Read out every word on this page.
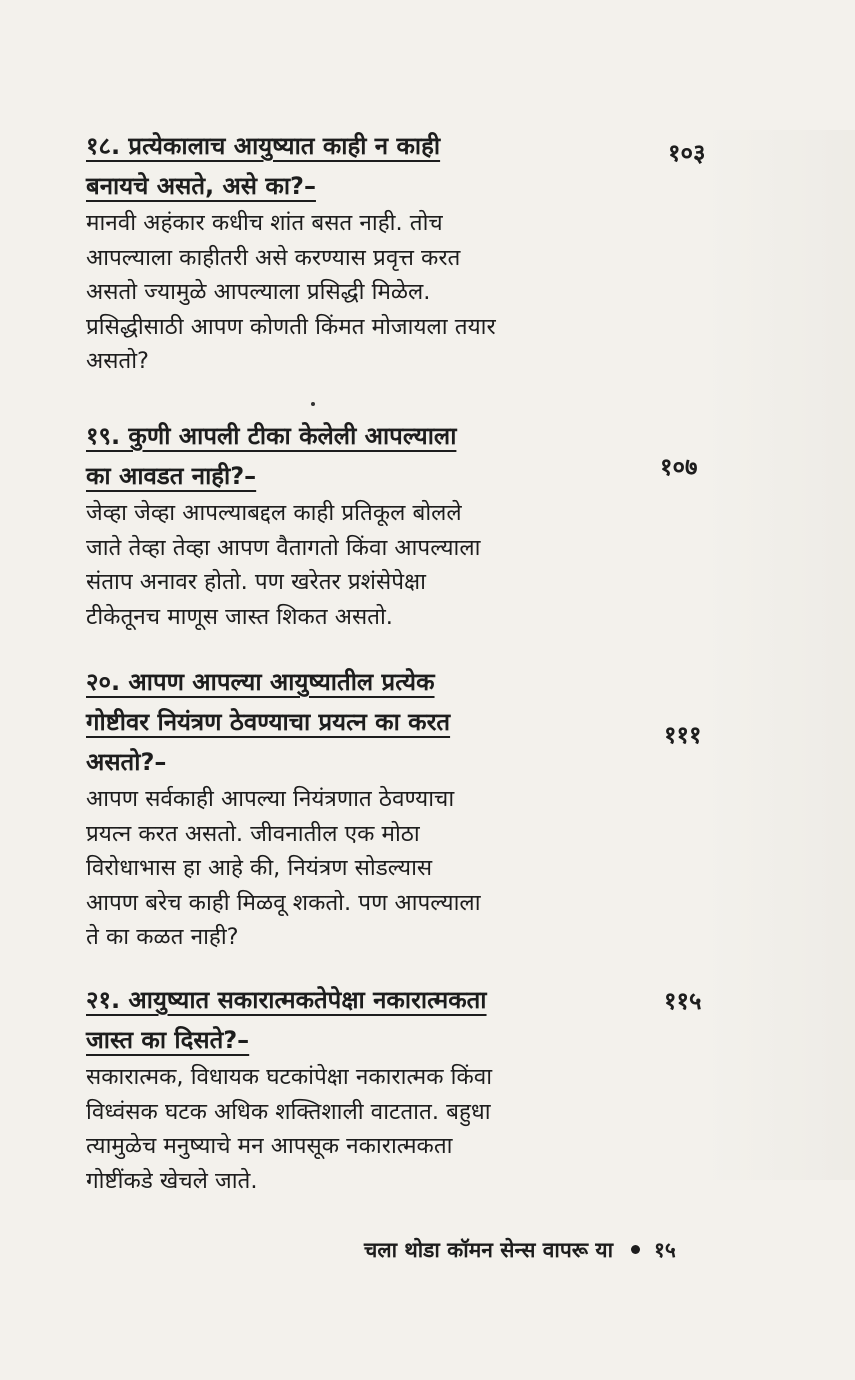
१८. प्रत्येकालाच आयुष्यात काही न काही
बनायचे असते, असे का?–
१०३
मानवी अहंकार कधीच शांत बसत नाही. तोच
आपल्याला काहीतरी असे करण्यास प्रवृत्त करत
असतो ज्यामुळे आपल्याला प्रसिद्धी मिळेल.
प्रसिद्धीसाठी आपण कोणती किंमत मोजायला तयार
असतो?
१९. कुणी आपली टीका केलेली आपल्याला
का आवडत नाही?–	१०७
जेव्हा जेव्हा आपल्याबद्दल काही प्रतिकूल बोलले
जाते तेव्हा तेव्हा आपण वैतागतो किंवा आपल्याला
संताप अनावर होतो. पण खरेतर प्रशंसेपेक्षा
टीकेतूनच माणूस जास्त शिकत असतो.
२०. आपण आपल्या आयुष्यातील प्रत्येक
गोष्टीवर नियंत्रण ठेवण्याचा प्रयत्न का करत
असतो?–
१११
आपण सर्वकाही आपल्या नियंत्रणात ठेवण्याचा
प्रयत्न करत असतो. जीवनातील एक मोठा
विरोधाभास हा आहे की, नियंत्रण सोडल्यास
आपण बरेच काही मिळवू शकतो. पण आपल्याला
ते का कळत नाही?
२१. आयुष्यात सकारात्मकतेपेक्षा नकारात्मकता
जास्त का दिसते?–
११५
सकारात्मक, विधायक घटकांपेक्षा नकारात्मक किंवा
विध्वंसक घटक अधिक शक्तिशाली वाटतात. बहुधा
त्यामुळेच मनुष्याचे मन आपसूक नकारात्मकता
गोष्टींकडे खेचले जाते.
चला थोडा कॉमन सेन्स वापरू या १५
